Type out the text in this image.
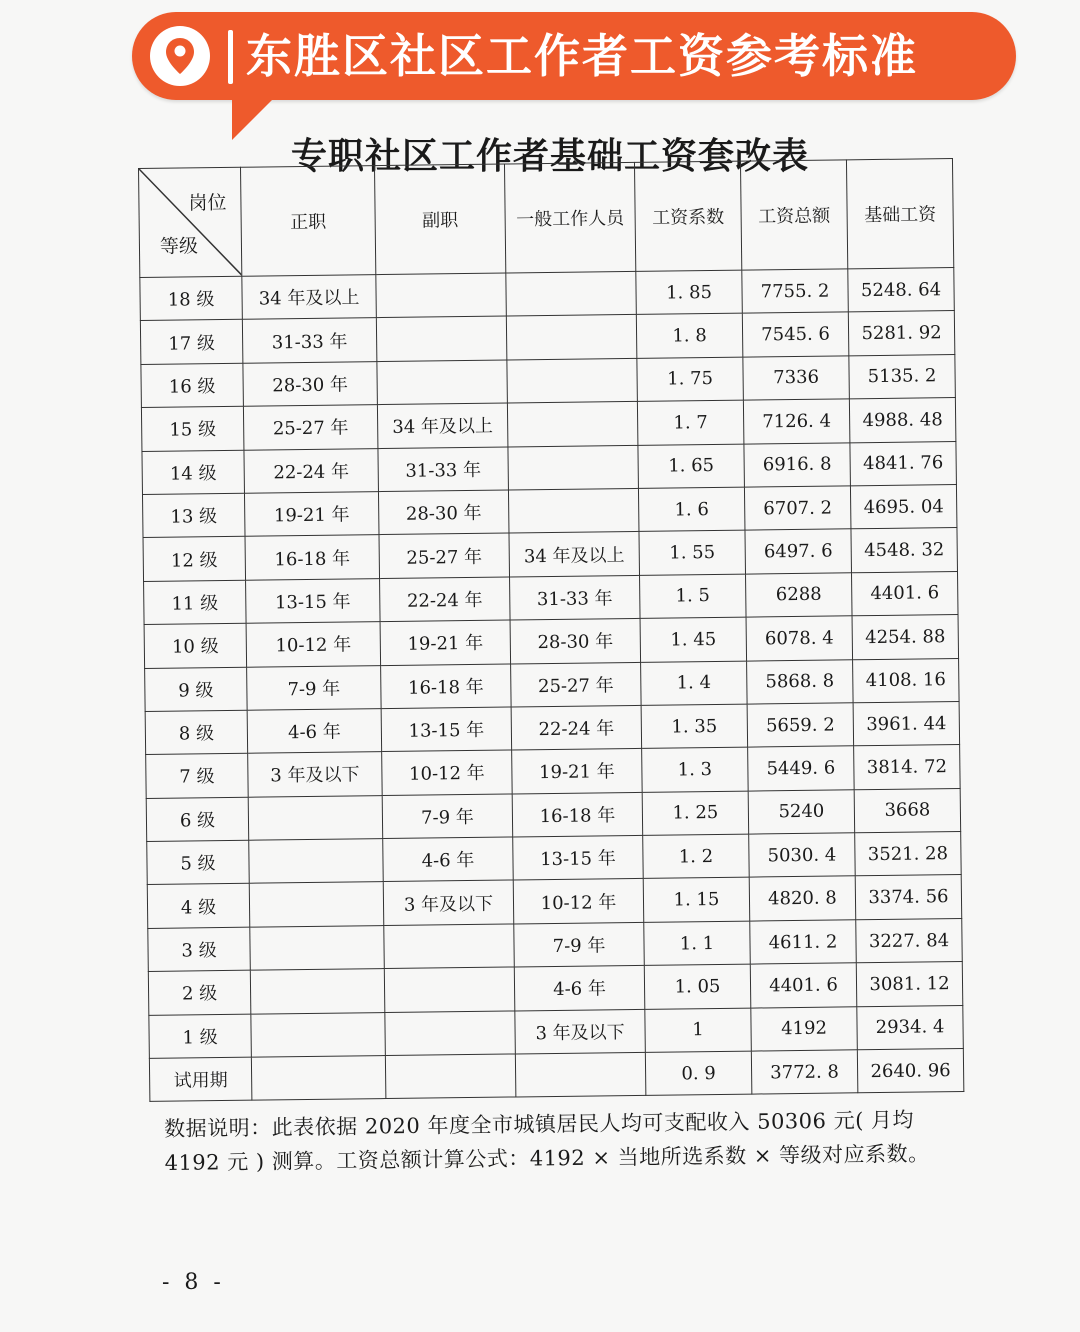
东胜区社区工作者工资参考标准
专职社区工作者基础工资套改表
岗位
等级	正职	副职	一般工作人员	工资系数	工资总额	基础工资
18 级	34 年及以上			1. 85	7755. 2	5248. 64
17 级	31-33 年			1. 8	7545. 6	5281. 92
16 级	28-30 年			1. 75	7336	5135. 2
15 级	25-27 年	34 年及以上		1. 7	7126. 4	4988. 48
14 级	22-24 年	31-33 年		1. 65	6916. 8	4841. 76
13 级	19-21 年	28-30 年		1. 6	6707. 2	4695. 04
12 级	16-18 年	25-27 年	34 年及以上	1. 55	6497. 6	4548. 32
11 级	13-15 年	22-24 年	31-33 年	1. 5	6288	4401. 6
10 级	10-12 年	19-21 年	28-30 年	1. 45	6078. 4	4254. 88
9 级	7-9 年	16-18 年	25-27 年	1. 4	5868. 8	4108. 16
8 级	4-6 年	13-15 年	22-24 年	1. 35	5659. 2	3961. 44
7 级	3 年及以下	10-12 年	19-21 年	1. 3	5449. 6	3814. 72
6 级		7-9 年	16-18 年	1. 25	5240	3668
5 级		4-6 年	13-15 年	1. 2	5030. 4	3521. 28
4 级		3 年及以下	10-12 年	1. 15	4820. 8	3374. 56
3 级			7-9 年	1. 1	4611. 2	3227. 84
2 级			4-6 年	1. 05	4401. 6	3081. 12
1 级			3 年及以下	1	4192	2934. 4
试用期				0. 9	3772. 8	2640. 96
数据说明：此表依据 2020 年度全市城镇居民人均可支配收入 50306 元( 月均 4192 元 ) 测算。工资总额计算公式：4192 × 当地所选系数 × 等级对应系数。
- 8 -
